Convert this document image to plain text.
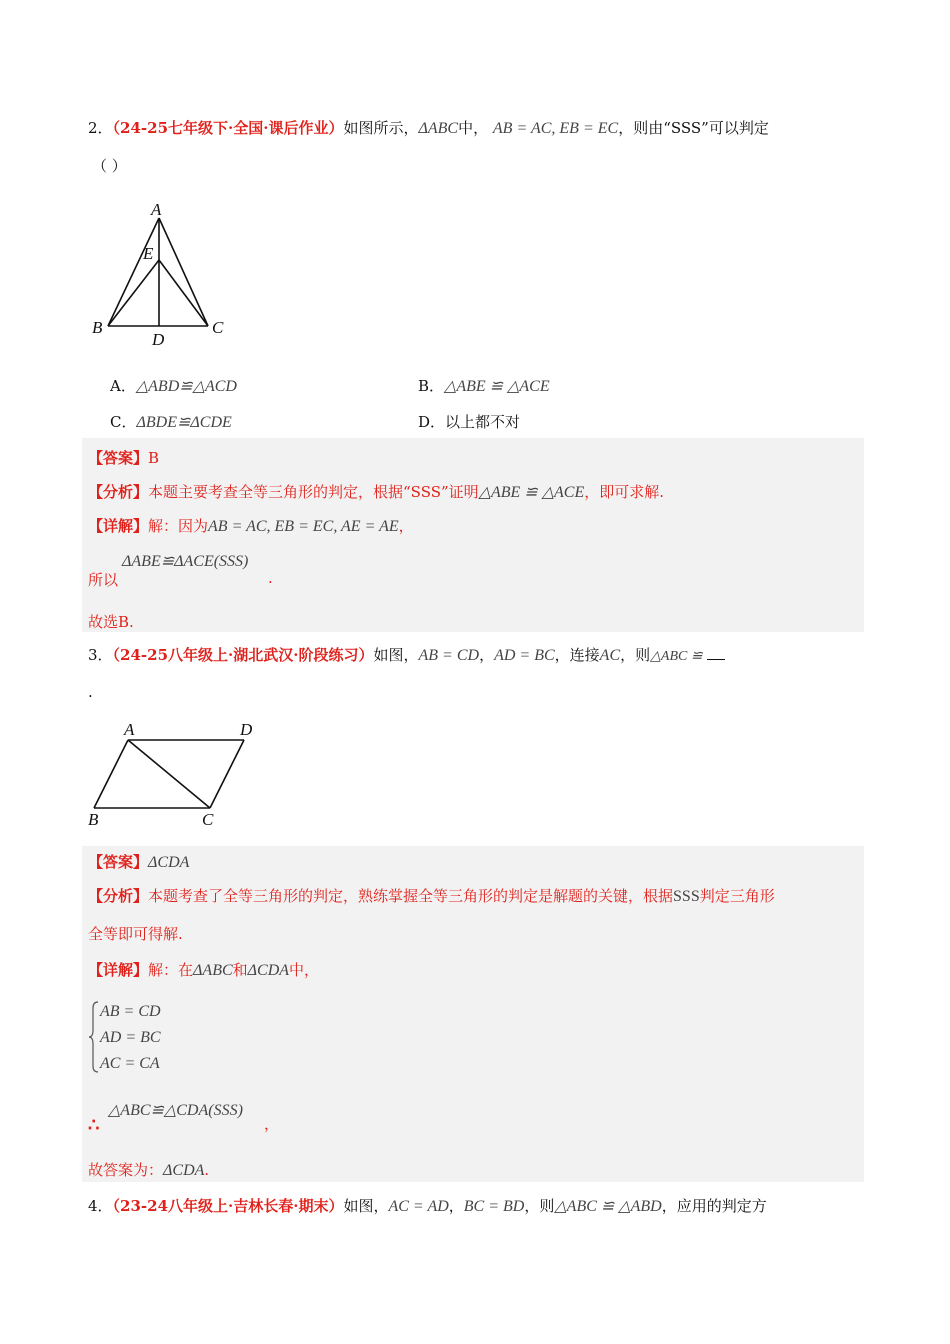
2．（24-25七年级下·全国·课后作业）如图所示，ΔABC中， AB = AC, EB = EC，则由“SSS”可以判定
（ ）
A
E
B	C
D
A．△ABD≌△ACD	B．△ABE ≌ △ACE
C．ΔBDE≌ΔCDE	D．以上都不对
【答案】B
【分析】本题主要考查全等三角形的判定，根据“SSS”证明△ABE ≌ △ACE，即可求解.
【详解】解：因为AB = AC, EB = EC, AE = AE，
ΔABE≌ΔACE(SSS)
所以	.
故选B.
3．（24-25八年级上·湖北武汉·阶段练习）如图，AB = CD，AD = BC，连接AC，则△ABC ≌
.
A	D
B	C
【答案】ΔCDA
【分析】本题考查了全等三角形的判定，熟练掌握全等三角形的判定是解题的关键，根据SSS判定三角形
全等即可得解.
【详解】解：在ΔABC和ΔCDA中，
AB = CD
AD = BC
AC = CA
△ABC≌△CDA(SSS)
∴	，
故答案为：ΔCDA.
4．（23-24八年级上·吉林长春·期末）如图，AC = AD，BC = BD，则△ABC ≌ △ABD，应用的判定方
